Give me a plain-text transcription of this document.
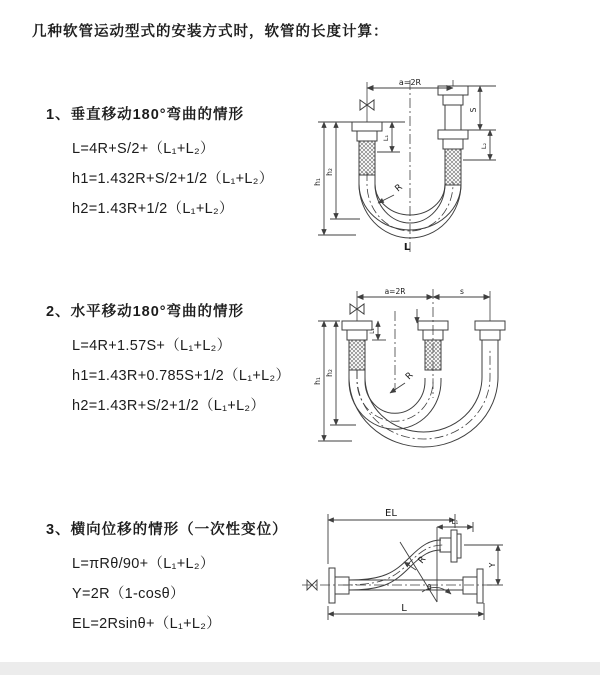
几种软管运动型式的安装方式时，软管的长度计算：
1、垂直移动180°弯曲的情形
L=4R+S/2+（L₁+L₂）
h1=1.432R+S/2+1/2（L₁+L₂）
h2=1.43R+1/2（L₁+L₂）
2、水平移动180°弯曲的情形
L=4R+1.57S+（L₁+L₂）
h1=1.43R+0.785S+1/2（L₁+L₂）
h2=1.43R+S/2+1/2（L₁+L₂）
3、横向位移的情形（一次性变位）
L=πRθ/90+（L₁+L₂）
Y=2R（1-cosθ）
EL=2Rsinθ+（L₁+L₂）
a=2R
h₁
h₂
L₁
S
L₂
R
L
a=2R	s
h₁
h₂
L₁
R
EL
L₁
Y
L
R
θ
